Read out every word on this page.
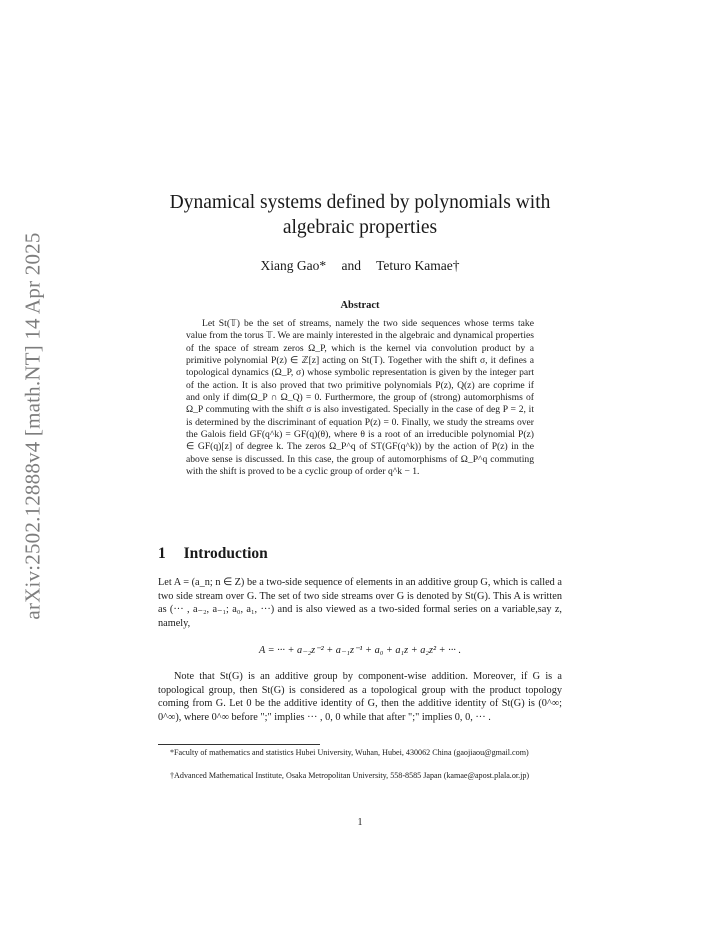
arXiv:2502.12888v4 [math.NT] 14 Apr 2025
Dynamical systems defined by polynomials with algebraic properties
Xiang Gao* and Teturo Kamae†
Abstract
Let St(𝕋) be the set of streams, namely the two side sequences whose terms take value from the torus 𝕋. We are mainly interested in the algebraic and dynamical properties of the space of stream zeros Ω_P, which is the kernel via convolution product by a primitive polynomial P(z) ∈ ℤ[z] acting on St(𝕋). Together with the shift σ, it defines a topological dynamics (Ω_P, σ) whose symbolic representation is given by the integer part of the action. It is also proved that two primitive polynomials P(z), Q(z) are coprime if and only if dim(Ω_P ∩ Ω_Q) = 0. Furthermore, the group of (strong) automorphisms of Ω_P commuting with the shift σ is also investigated. Specially in the case of deg P = 2, it is determined by the discriminant of equation P(z) = 0. Finally, we study the streams over the Galois field GF(q^k) = GF(q)(θ), where θ is a root of an irreducible polynomial P(z) ∈ GF(q)[z] of degree k. The zeros Ω_P^q of ST(GF(q^k)) by the action of P(z) in the above sense is discussed. In this case, the group of automorphisms of Ω_P^q commuting with the shift is proved to be a cyclic group of order q^k − 1.
1 Introduction
Let A = (a_n; n ∈ Z) be a two-side sequence of elements in an additive group G, which is called a two side stream over G. The set of two side streams over G is denoted by St(G). This A is written as (··· , a₋₂, a₋₁; a₀, a₁, ···) and is also viewed as a two-sided formal series on a variable,say z, namely,
A = ··· + a₋₂z⁻² + a₋₁z⁻¹ + a₀ + a₁z + a₂z² + ··· .
Note that St(G) is an additive group by component-wise addition. Moreover, if G is a topological group, then St(G) is considered as a topological group with the product topology coming from G. Let 0 be the additive identity of G, then the additive identity of St(G) is (0^∞; 0^∞), where 0^∞ before ";" implies ··· , 0, 0 while that after ";" implies 0, 0, ··· .
*Faculty of mathematics and statistics Hubei University, Wuhan, Hubei, 430062 China (gaojiaou@gmail.com)
†Advanced Mathematical Institute, Osaka Metropolitan University, 558-8585 Japan (kamae@apost.plala.or.jp)
1
